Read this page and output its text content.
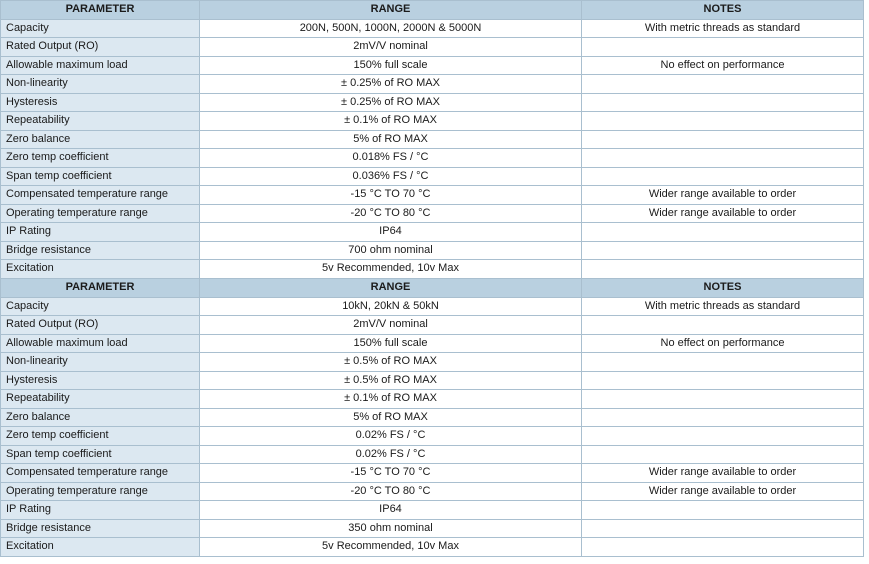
PARAMETER	RANGE	NOTES
Capacity	200N, 500N, 1000N, 2000N & 5000N	With metric threads as standard
Rated Output (RO)	2mV/V nominal	
Allowable maximum load	150% full scale	No effect on performance
Non-linearity	± 0.25% of RO MAX	
Hysteresis	± 0.25% of RO MAX	
Repeatability	± 0.1% of RO MAX	
Zero balance	5% of RO MAX	
Zero temp coefficient	0.018% FS / °C	
Span temp coefficient	0.036% FS / °C	
Compensated temperature range	-15 °C TO 70 °C	Wider range available to order
Operating temperature range	-20 °C TO 80 °C	Wider range available to order
IP Rating	IP64	
Bridge resistance	700 ohm nominal	
Excitation	5v Recommended, 10v Max	
PARAMETER	RANGE	NOTES
Capacity	10kN, 20kN & 50kN	With metric threads as standard
Rated Output (RO)	2mV/V nominal	
Allowable maximum load	150% full scale	No effect on performance
Non-linearity	± 0.5% of RO MAX	
Hysteresis	± 0.5% of RO MAX	
Repeatability	± 0.1% of RO MAX	
Zero balance	5% of RO MAX	
Zero temp coefficient	0.02% FS / °C	
Span temp coefficient	0.02% FS / °C	
Compensated temperature range	-15 °C TO 70 °C	Wider range available to order
Operating temperature range	-20 °C TO 80 °C	Wider range available to order
IP Rating	IP64	
Bridge resistance	350 ohm nominal	
Excitation	5v Recommended, 10v Max	
